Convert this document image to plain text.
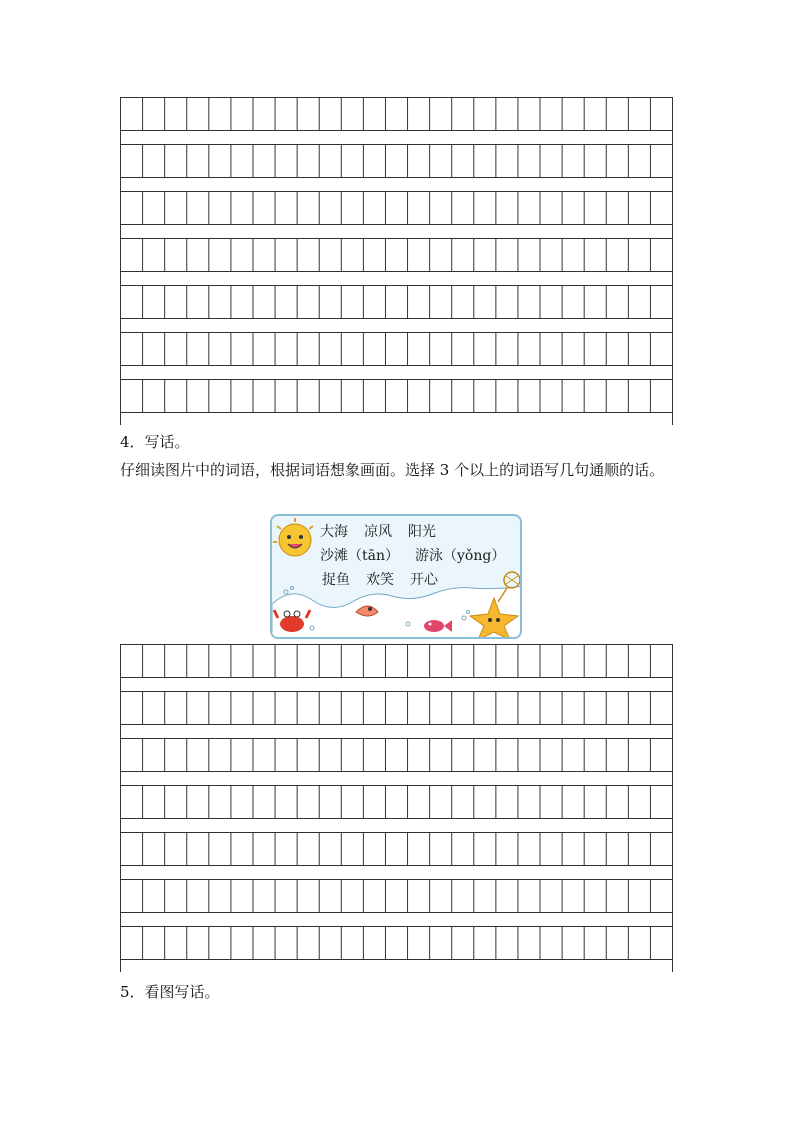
4．写话。
仔细读图片中的词语，根据词语想象画面。选择 3 个以上的词语写几句通顺的话。
大海 凉风 阳光
沙滩（tān） 游泳（yǒng）
捉鱼 欢笑 开心
5．看图写话。
